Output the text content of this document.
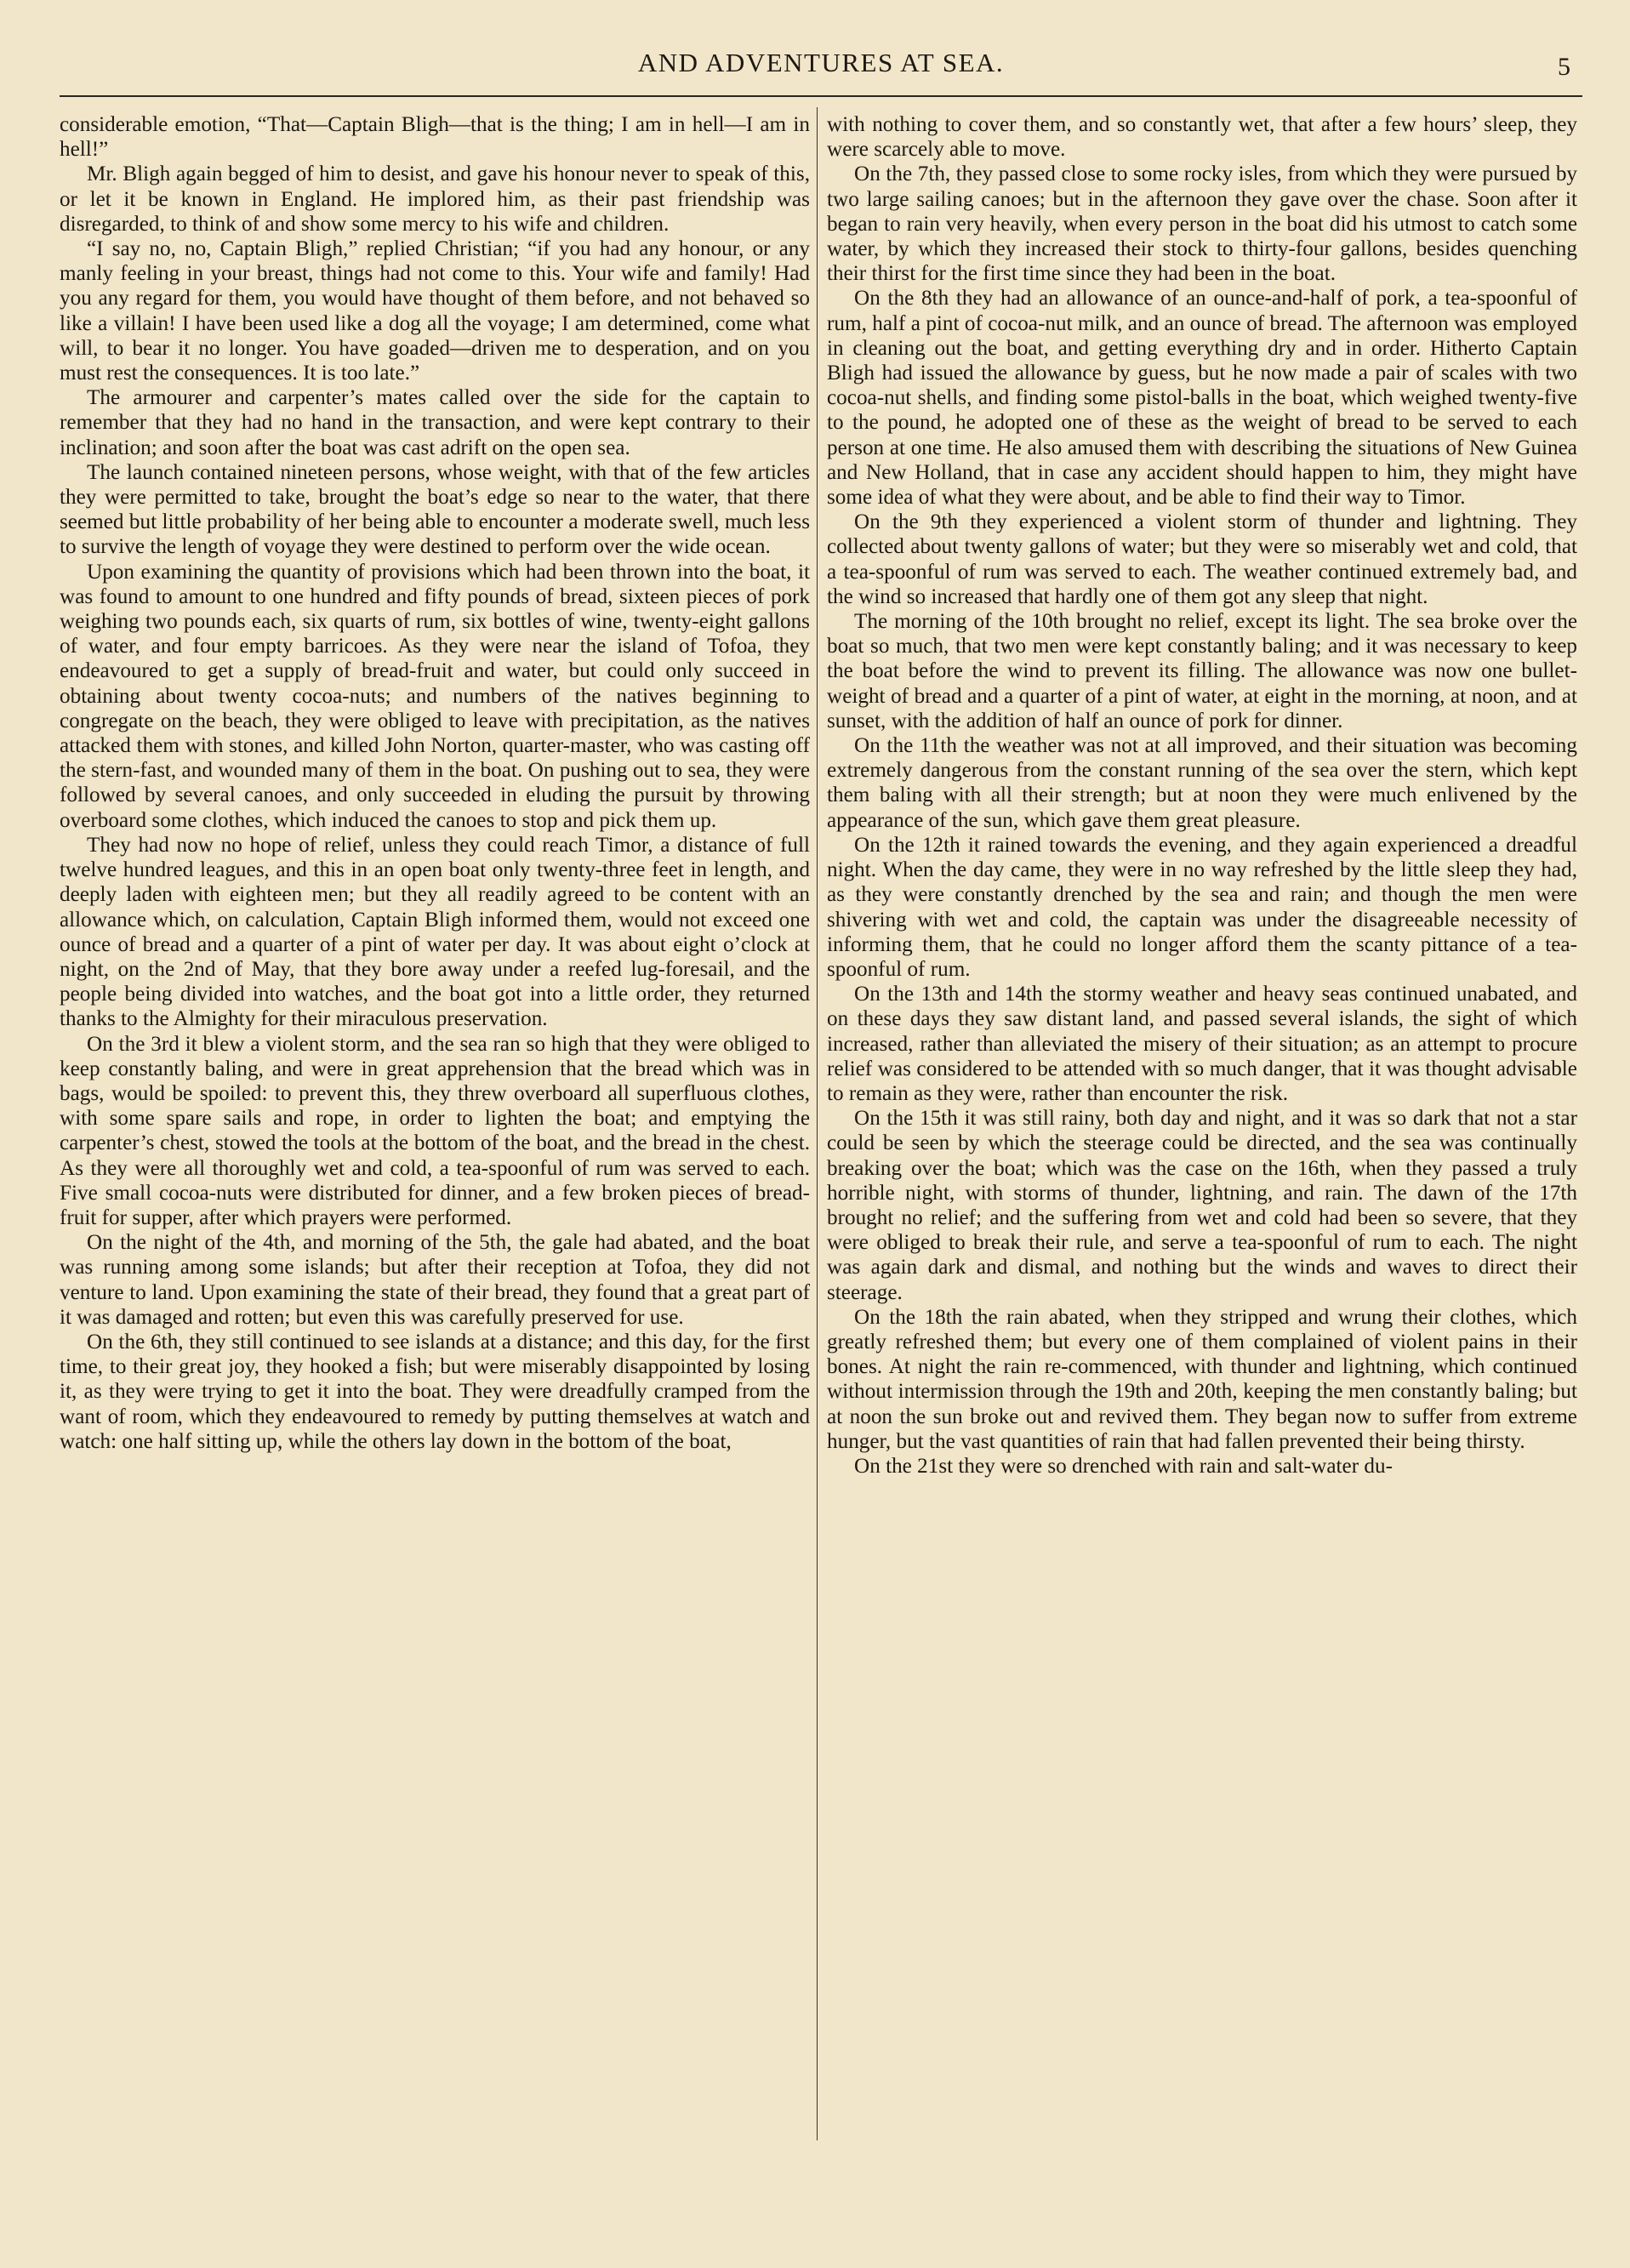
AND ADVENTURES AT SEA.	5

considerable emotion, “That—Captain Bligh—that is the thing; I am in hell—I am in hell!”

Mr. Bligh again begged of him to desist, and gave his honour never to speak of this, or let it be known in England. He implored him, as their past friendship was disregarded, to think of and show some mercy to his wife and children.

“I say no, no, Captain Bligh,” replied Christian; “if you had any honour, or any manly feeling in your breast, things had not come to this. Your wife and family! Had you any regard for them, you would have thought of them before, and not behaved so like a villain! I have been used like a dog all the voyage; I am determined, come what will, to bear it no longer. You have goaded—driven me to desperation, and on you must rest the consequences. It is too late.”

The armourer and carpenter’s mates called over the side for the captain to remember that they had no hand in the transaction, and were kept contrary to their inclination; and soon after the boat was cast adrift on the open sea.

The launch contained nineteen persons, whose weight, with that of the few articles they were permitted to take, brought the boat’s edge so near to the water, that there seemed but little probability of her being able to encounter a moderate swell, much less to survive the length of voyage they were destined to perform over the wide ocean.

Upon examining the quantity of provisions which had been thrown into the boat, it was found to amount to one hundred and fifty pounds of bread, sixteen pieces of pork weighing two pounds each, six quarts of rum, six bottles of wine, twenty-eight gallons of water, and four empty barricoes. As they were near the island of Tofoa, they endeavoured to get a supply of bread-fruit and water, but could only succeed in obtaining about twenty cocoa-nuts; and numbers of the natives beginning to congregate on the beach, they were obliged to leave with precipitation, as the natives attacked them with stones, and killed John Norton, quarter-master, who was casting off the stern-fast, and wounded many of them in the boat. On pushing out to sea, they were followed by several canoes, and only succeeded in eluding the pursuit by throwing overboard some clothes, which induced the canoes to stop and pick them up.

They had now no hope of relief, unless they could reach Timor, a distance of full twelve hundred leagues, and this in an open boat only twenty-three feet in length, and deeply laden with eighteen men; but they all readily agreed to be content with an allowance which, on calculation, Captain Bligh informed them, would not exceed one ounce of bread and a quarter of a pint of water per day. It was about eight o’clock at night, on the 2nd of May, that they bore away under a reefed lug-foresail, and the people being divided into watches, and the boat got into a little order, they returned thanks to the Almighty for their miraculous preservation.

On the 3rd it blew a violent storm, and the sea ran so high that they were obliged to keep constantly baling, and were in great apprehension that the bread which was in bags, would be spoiled: to prevent this, they threw overboard all superfluous clothes, with some spare sails and rope, in order to lighten the boat; and emptying the carpenter’s chest, stowed the tools at the bottom of the boat, and the bread in the chest. As they were all thoroughly wet and cold, a tea-spoonful of rum was served to each. Five small cocoa-nuts were distributed for dinner, and a few broken pieces of bread-fruit for supper, after which prayers were performed.

On the night of the 4th, and morning of the 5th, the gale had abated, and the boat was running among some islands; but after their reception at Tofoa, they did not venture to land. Upon examining the state of their bread, they found that a great part of it was damaged and rotten; but even this was carefully preserved for use.

On the 6th, they still continued to see islands at a distance; and this day, for the first time, to their great joy, they hooked a fish; but were miserably disappointed by losing it, as they were trying to get it into the boat. They were dreadfully cramped from the want of room, which they endeavoured to remedy by putting themselves at watch and watch: one half sitting up, while the others lay down in the bottom of the boat,

with nothing to cover them, and so constantly wet, that after a few hours’ sleep, they were scarcely able to move.

On the 7th, they passed close to some rocky isles, from which they were pursued by two large sailing canoes; but in the afternoon they gave over the chase. Soon after it began to rain very heavily, when every person in the boat did his utmost to catch some water, by which they increased their stock to thirty-four gallons, besides quenching their thirst for the first time since they had been in the boat.

On the 8th they had an allowance of an ounce-and-half of pork, a tea-spoonful of rum, half a pint of cocoa-nut milk, and an ounce of bread. The afternoon was employed in cleaning out the boat, and getting everything dry and in order. Hitherto Captain Bligh had issued the allowance by guess, but he now made a pair of scales with two cocoa-nut shells, and finding some pistol-balls in the boat, which weighed twenty-five to the pound, he adopted one of these as the weight of bread to be served to each person at one time. He also amused them with describing the situations of New Guinea and New Holland, that in case any accident should happen to him, they might have some idea of what they were about, and be able to find their way to Timor.

On the 9th they experienced a violent storm of thunder and lightning. They collected about twenty gallons of water; but they were so miserably wet and cold, that a tea-spoonful of rum was served to each. The weather continued extremely bad, and the wind so increased that hardly one of them got any sleep that night.

The morning of the 10th brought no relief, except its light. The sea broke over the boat so much, that two men were kept constantly baling; and it was necessary to keep the boat before the wind to prevent its filling. The allowance was now one bullet-weight of bread and a quarter of a pint of water, at eight in the morning, at noon, and at sunset, with the addition of half an ounce of pork for dinner.

On the 11th the weather was not at all improved, and their situation was becoming extremely dangerous from the constant running of the sea over the stern, which kept them baling with all their strength; but at noon they were much enlivened by the appearance of the sun, which gave them great pleasure.

On the 12th it rained towards the evening, and they again experienced a dreadful night. When the day came, they were in no way refreshed by the little sleep they had, as they were constantly drenched by the sea and rain; and though the men were shivering with wet and cold, the captain was under the disagreeable necessity of informing them, that he could no longer afford them the scanty pittance of a tea-spoonful of rum.

On the 13th and 14th the stormy weather and heavy seas continued unabated, and on these days they saw distant land, and passed several islands, the sight of which increased, rather than alleviated the misery of their situation; as an attempt to procure relief was considered to be attended with so much danger, that it was thought advisable to remain as they were, rather than encounter the risk.

On the 15th it was still rainy, both day and night, and it was so dark that not a star could be seen by which the steerage could be directed, and the sea was continually breaking over the boat; which was the case on the 16th, when they passed a truly horrible night, with storms of thunder, lightning, and rain. The dawn of the 17th brought no relief; and the suffering from wet and cold had been so severe, that they were obliged to break their rule, and serve a tea-spoonful of rum to each. The night was again dark and dismal, and nothing but the winds and waves to direct their steerage.

On the 18th the rain abated, when they stripped and wrung their clothes, which greatly refreshed them; but every one of them complained of violent pains in their bones. At night the rain re-commenced, with thunder and lightning, which continued without intermission through the 19th and 20th, keeping the men constantly baling; but at noon the sun broke out and revived them. They began now to suffer from extreme hunger, but the vast quantities of rain that had fallen prevented their being thirsty.

On the 21st they were so drenched with rain and salt-water du-
